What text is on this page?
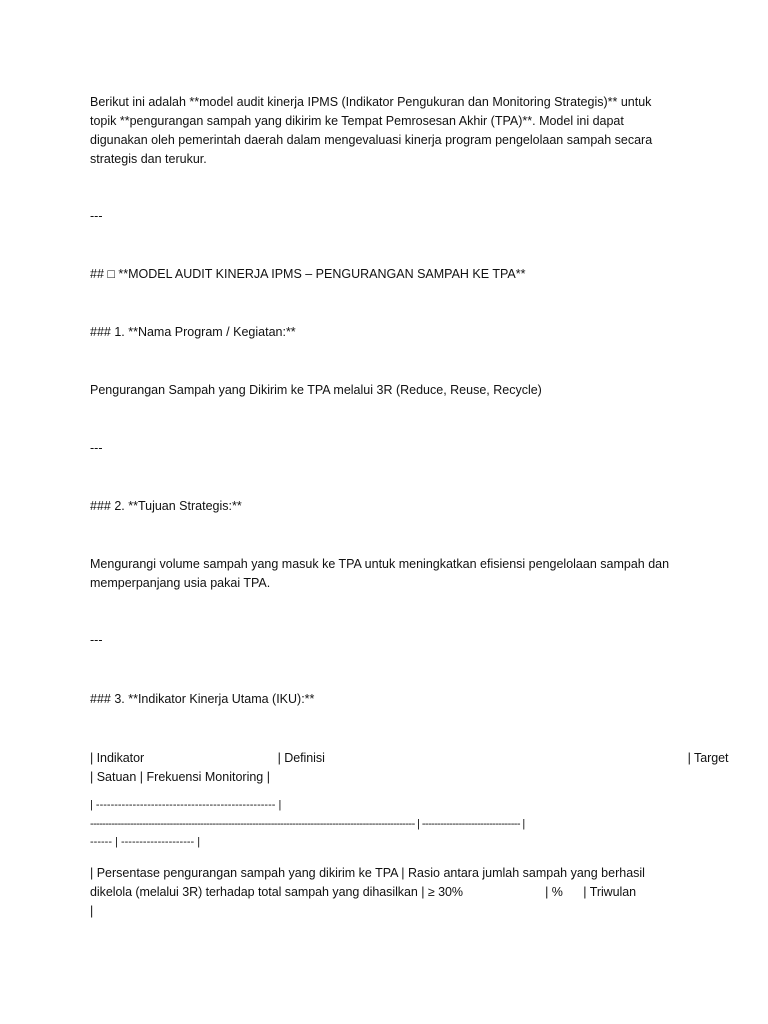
Berikut ini adalah **model audit kinerja IPMS (Indikator Pengukuran dan Monitoring Strategis)** untuk topik **pengurangan sampah yang dikirim ke Tempat Pemrosesan Akhir (TPA)**. Model ini dapat digunakan oleh pemerintah daerah dalam mengevaluasi kinerja program pengelolaan sampah secara strategis dan terukur.

---

## □ **MODEL AUDIT KINERJA IPMS – PENGURANGAN SAMPAH KE TPA**

### 1. **Nama Program / Kegiatan:**

Pengurangan Sampah yang Dikirim ke TPA melalui 3R (Reduce, Reuse, Recycle)

---

### 2. **Tujuan Strategis:**

Mengurangi volume sampah yang masuk ke TPA untuk meningkatkan efisiensi pengelolaan sampah dan memperpanjang usia pakai TPA.

---

### 3. **Indikator Kinerja Utama (IKU):**

| Indikator                                       | Definisi                                                                                                          | Target

| Satuan | Frekuensi Monitoring |

| ------------------------------------------------- |

---------------------------------------------------------------------------------------------------------- | -------------------------------- |

------ | -------------------- |

| Persentase pengurangan sampah yang dikirim ke TPA | Rasio antara jumlah sampah yang berhasil

dikelola (melalui 3R) terhadap total sampah yang dihasilkan | ≥ 30%                        | %      | Triwulan

|
